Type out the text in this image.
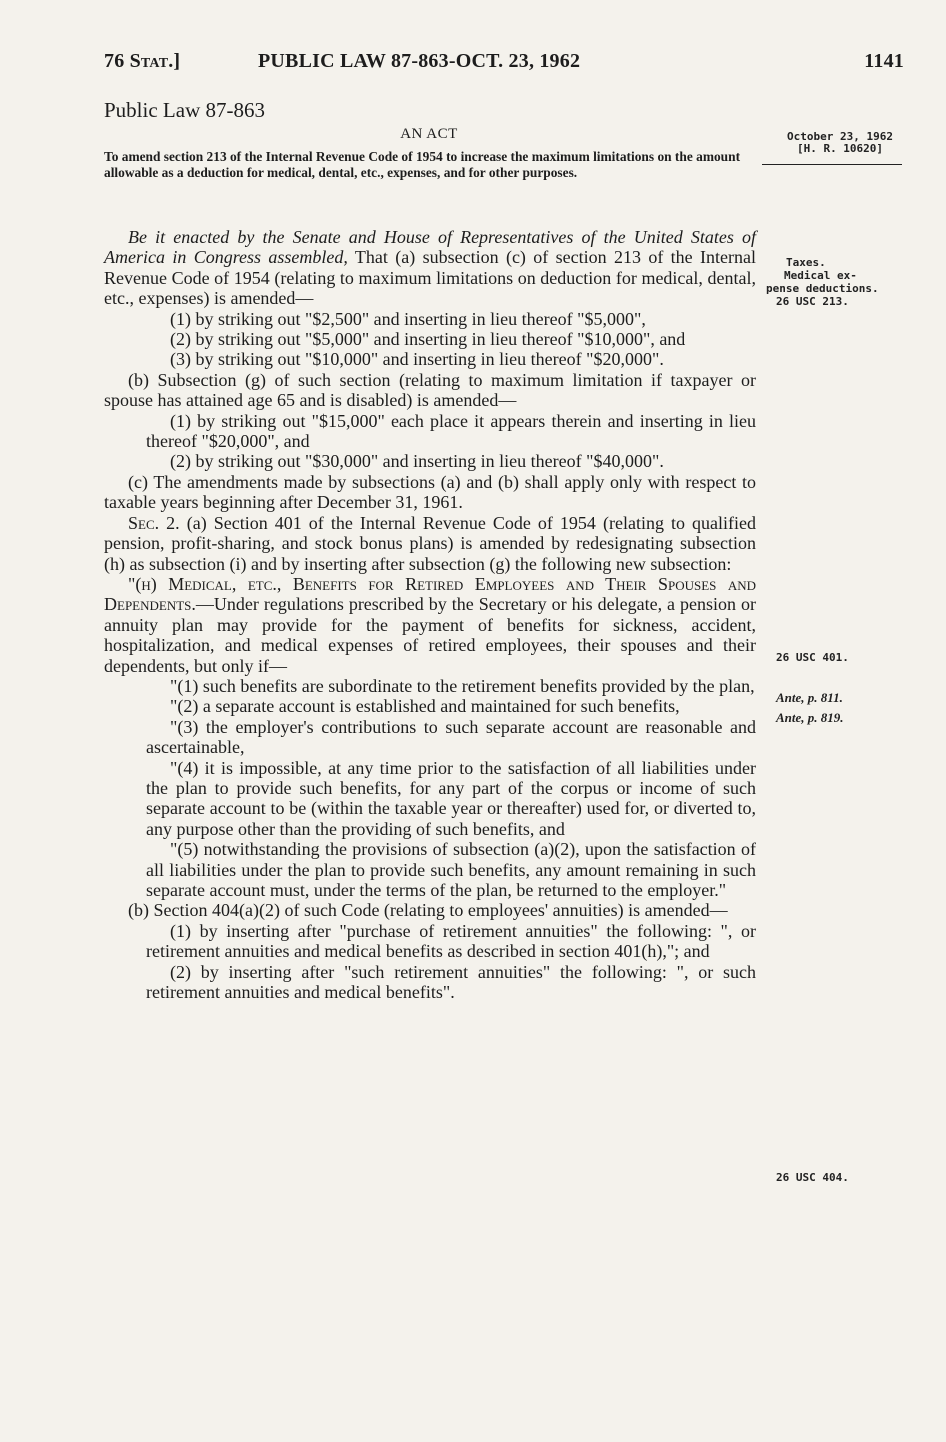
76 Stat.]	PUBLIC LAW 87-863-OCT. 23, 1962	1141
Public Law 87-863
AN ACT
To amend section 213 of the Internal Revenue Code of 1954 to increase the maximum limitations on the amount allowable as a deduction for medical, dental, etc., expenses, and for other purposes.
October 23, 1962
[H. R. 10620]
Taxes.
Medical ex-
pense deductions.
26 USC 213.
26 USC 401.
Ante, p. 811.
Ante, p. 819.
26 USC 404.

Be it enacted by the Senate and House of Representatives of the United States of America in Congress assembled, That (a) subsection (c) of section 213 of the Internal Revenue Code of 1954 (relating to maximum limitations on deduction for medical, dental, etc., expenses) is amended—

(1) by striking out "$2,500" and inserting in lieu thereof "$5,000",

(2) by striking out "$5,000" and inserting in lieu thereof "$10,000", and

(3) by striking out "$10,000" and inserting in lieu thereof "$20,000".

(b) Subsection (g) of such section (relating to maximum limitation if taxpayer or spouse has attained age 65 and is disabled) is amended—

(1) by striking out "$15,000" each place it appears therein and inserting in lieu thereof "$20,000", and

(2) by striking out "$30,000" and inserting in lieu thereof "$40,000".

(c) The amendments made by subsections (a) and (b) shall apply only with respect to taxable years beginning after December 31, 1961.

Sec. 2. (a) Section 401 of the Internal Revenue Code of 1954 (relating to qualified pension, profit-sharing, and stock bonus plans) is amended by redesignating subsection (h) as subsection (i) and by inserting after subsection (g) the following new subsection:

"(h) Medical, etc., Benefits for Retired Employees and Their Spouses and Dependents.—Under regulations prescribed by the Secretary or his delegate, a pension or annuity plan may provide for the payment of benefits for sickness, accident, hospitalization, and medical expenses of retired employees, their spouses and their dependents, but only if—

"(1) such benefits are subordinate to the retirement benefits provided by the plan,

"(2) a separate account is established and maintained for such benefits,

"(3) the employer's contributions to such separate account are reasonable and ascertainable,

"(4) it is impossible, at any time prior to the satisfaction of all liabilities under the plan to provide such benefits, for any part of the corpus or income of such separate account to be (within the taxable year or thereafter) used for, or diverted to, any purpose other than the providing of such benefits, and

"(5) notwithstanding the provisions of subsection (a)(2), upon the satisfaction of all liabilities under the plan to provide such benefits, any amount remaining in such separate account must, under the terms of the plan, be returned to the employer."

(b) Section 404(a)(2) of such Code (relating to employees' annuities) is amended—

(1) by inserting after "purchase of retirement annuities" the following: ", or retirement annuities and medical benefits as described in section 401(h),"; and

(2) by inserting after "such retirement annuities" the following: ", or such retirement annuities and medical benefits".
